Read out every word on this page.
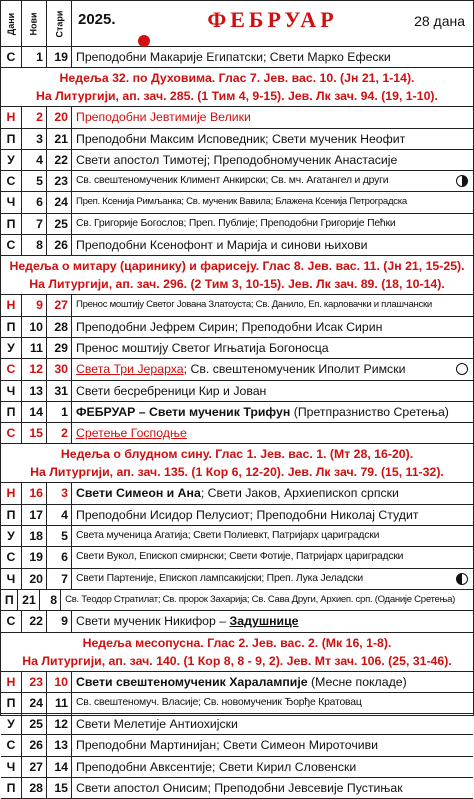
Дани Нови Стари 2025.	ФЕБРУАР	28 дана
С	1 19 Преподобни Макарије Египатски; Свети Марко Ефески
Недеља 32. по Духовима. Глас 7. Јев. вас. 10. (Јн 21, 1-14).
На Литургији, ап. зач. 285. (1 Тим 4, 9-15). Јев. Лк зач. 94. (19, 1-10).
Н	2 20 Преподобни Јевтимије Велики
П	3 21 Преподобни Максим Исповедник; Свети мученик Неофит
У	4 22 Свети апостол Тимотеј; Преподобномученик Анастасије
С	5 23 Св. свештеномученик Климент Анкирски; Св. мч. Агатангел и други
Ч	6 24 Преп. Ксенија Римљанка; Св. мученик Вавила; Блажена Ксенија Петроградска
П	7 25 Св. Григорије Богослов; Преп. Публије; Преподобни Григорије Пећки
С	8 26 Преподобни Ксенофонт и Марија и синови њихови
Недеља о митару (царинику) и фарисеју. Глас 8. Јев. вас. 11. (Јн 21, 15-25).
На Литургији, ап. зач. 296. (2 Тим 3, 10-15). Јев. Лк зач. 89. (18, 10-14).
Н	9 27 Пренос моштију Светог Јована Златоуста; Св. Данило, Еп. карловачки и плашчански
П	10 28 Преподобни Јефрем Сирин; Преподобни Исак Сирин
У	11 29 Пренос моштију Светог Игњатија Богоносца
С	12 30 Света Три Јерарха; Св. свештеномученик Иполит Римски
Ч	13 31 Свети бесребреници Кир и Јован
П	14	1 ФЕБРУАР – Свети мученик Трифун (Претпразниство Сретења)
С	15	2 Сретење Господње
Недеља о блудном сину. Глас 1. Јев. вас. 1. (Мт 28, 16-20).
На Литургији, ап. зач. 135. (1 Кор 6, 12-20). Јев. Лк зач. 79. (15, 11-32).
Н	16	3 Свети Симеон и Ана; Свети Јаков, Архиепископ српски
П	17	4 Преподобни Исидор Пелусиот; Преподобни Николај Студит
У	18	5 Света мученица Агатија; Свети Полиевкт, Патријарх цариградски
С	19	6 Свети Вукол, Епископ смирнски; Свети Фотије, Патријарх цариградски
Ч	20	7 Свети Партеније, Епископ лампсакијски; Преп. Лука Јеладски
П 21	8 Св. Теодор Стратилат; Св. пророк Захарија; Св. Сава Други, Архиеп. срп. (Оданије Сретења)
С	22	9 Свети мученик Никифор – Задушнице
Недеља месопусна. Глас 2. Јев. вас. 2. (Мк 16, 1-8).
На Литургији, ап. зач. 140. (1 Кор 8, 8 - 9, 2). Јев. Мт зач. 106. (25, 31-46).
Н	23 10 Свети свештеномученик Харалампије (Месне покладе)
П	24 11 Св. свештеномуч. Власије; Св. новомученик Ђорђе Кратовац
У	25 12 Свети Мелетије Антиохијски
С	26 13 Преподобни Мартинијан; Свети Симеон Мироточиви
Ч	27 14 Преподобни Авксентије; Свети Кирил Словенски
П	28 15 Свети апостол Онисим; Преподобни Јевсевије Пустињак
